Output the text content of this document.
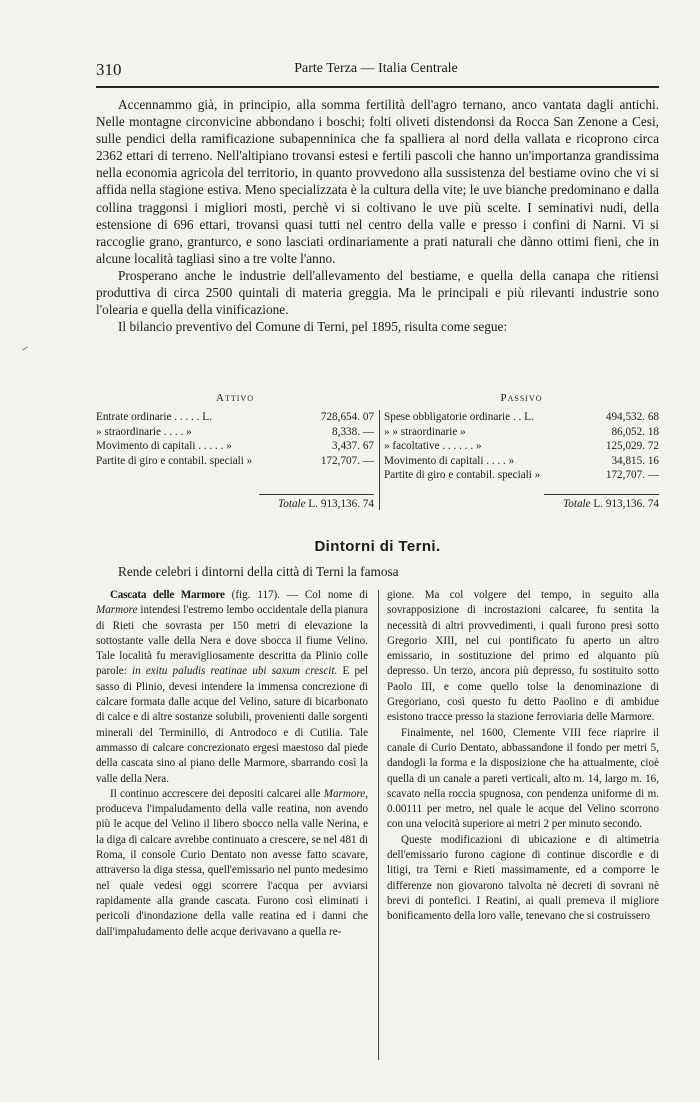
310	Parte Terza — Italia Centrale

Accennammo già, in principio, alla somma fertilità dell'agro ternano, anco vantata dagli antichi. Nelle montagne circonvicine abbondano i boschi; folti oliveti distendonsi da Rocca San Zenone a Cesi, sulle pendici della ramificazione subapenninica che fa spalliera al nord della vallata e ricoprono circa 2362 ettari di terreno. Nell'altipiano trovansi estesi e fertili pascoli che hanno un'importanza grandissima nella economia agricola del territorio, in quanto provvedono alla sussistenza del bestiame ovino che vi si affida nella stagione estiva. Meno specializzata è la cultura della vite; le uve bianche predominano e dalla collina traggonsi i migliori mosti, perchè vi si coltivano le uve più scelte. I seminativi nudi, della estensione di 696 ettari, trovansi quasi tutti nel centro della valle e presso i confini di Narni. Vi si raccoglie grano, granturco, e sono lasciati ordinariamente a prati naturali che dànno ottimi fieni, che in alcune località tagliasi sino a tre volte l'anno.

Prosperano anche le industrie dell'allevamento del bestiame, e quella della canapa che ritiensi produttiva di circa 2500 quintali di materia greggia. Ma le principali e più rilevanti industrie sono l'olearia e quella della vinificazione.

Il bilancio preventivo del Comune di Terni, pel 1895, risulta come segue:

Attivo
Entrate ordinarie . . . . . L.	728,654. 07
» straordinarie . . . . »	8,338. —
Movimento di capitali . . . . . »	3,437. 67
Partite di giro e contabil. speciali »	172,707. —
Totale L. 913,136. 74
Passivo
Spese obbligatorie ordinarie . . L.	494,532. 68
» » straordinarie »	86,052. 18
» facoltative . . . . . . »	125,029. 72
Movimento di capitali . . . . »	34,815. 16
Partite di giro e contabil. speciali »	172,707. —
Totale L. 913,136. 74
Dintorni di Terni.
Rende celebri i dintorni della città di Terni la famosa

Cascata delle Marmore (fig. 117). — Col nome di Marmore intendesi l'estremo lembo occidentale della pianura di Rieti che sovrasta per 150 metri di elevazione la sottostante valle della Nera e dove sbocca il fiume Velino. Tale località fu meravigliosamente descritta da Plinio colle parole: in exitu paludis reatinae ubi saxum crescit. E pel sasso di Plinio, devesi intendere la immensa concrezione di calcare formata dalle acque del Velino, sature di bicarbonato di calce e di altre sostanze solubili, provenienti dalle sorgenti minerali del Terminillo, di Antrodoco e di Cutilia. Tale ammasso di calcare concrezionato ergesi maestoso dal piede della cascata sino al piano delle Marmore, sbarrando così la valle della Nera.

Il continuo accrescere dei depositi calcarei alle Marmore, produceva l'impaludamento della valle reatina, non avendo più le acque del Velino il libero sbocco nella valle Nerina, e la diga di calcare avrebbe continuato a crescere, se nel 481 di Roma, il console Curio Dentato non avesse fatto scavare, attraverso la diga stessa, quell'emissario nel punto medesimo nel quale vedesi oggi scorrere l'acqua per avviarsi rapidamente alla grande cascata. Furono così eliminati i pericoli d'inondazione della valle reatina ed i danni che dall'impaludamento delle acque derivavano a quella re-

gione. Ma col volgere del tempo, in seguito alla sovrapposizione di incrostazioni calcaree, fu sentita la necessità di altri provvedimenti, i quali furono presi sotto Gregorio XIII, nel cui pontificato fu aperto un altro emissario, in sostituzione del primo ed alquanto più depresso. Un terzo, ancora più depresso, fu sostituito sotto Paolo III, e come quello tolse la denominazione di Gregoriano, così questo fu detto Paolino e di ambidue esistono tracce presso la stazione ferroviaria delle Marmore.

Finalmente, nel 1600, Clemente VIII fece riaprire il canale di Curio Dentato, abbassandone il fondo per metri 5, dandogli la forma e la disposizione che ha attualmente, cioè quella di un canale a pareti verticali, alto m. 14, largo m. 16, scavato nella roccia spugnosa, con pendenza uniforme di m. 0.00111 per metro, nel quale le acque del Velino scorrono con una velocità superiore ai metri 2 per minuto secondo.

Queste modificazioni di ubicazione e di altimetria dell'emissario furono cagione di continue discordie e di litigi, tra Terni e Rieti massimamente, ed a comporre le differenze non giovarono talvolta nè decreti di sovrani nè brevi di pontefici. I Reatini, ai quali premeva il migliore bonificamento della loro valle, tenevano che si costruissero
